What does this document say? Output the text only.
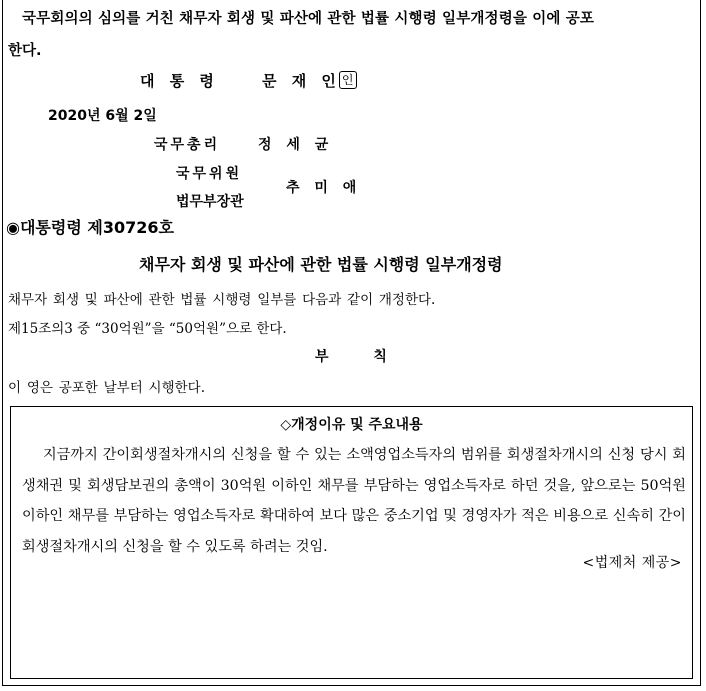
국무회의의 심의를 거친 채무자 회생 및 파산에 관한 법률 시행령 일부개정령을 이에 공포
한다.
대 통 령	문 재 인 인
2020년 6월 2일
국무총리	정 세 균
국무위원
법무부장관
추 미 애
◉대통령령 제30726호
채무자 회생 및 파산에 관한 법률 시행령 일부개정령
채무자 회생 및 파산에 관한 법률 시행령 일부를 다음과 같이 개정한다.
제15조의3 중 “30억원”을 “50억원”으로 한다.
부 칙
이 영은 공포한 날부터 시행한다.
◇개정이유 및 주요내용
지금까지 간이회생절차개시의 신청을 할 수 있는 소액영업소득자의 범위를 회생절차개시의 신청 당시 회생채권 및 회생담보권의 총액이 30억원 이하인 채무를 부담하는 영업소득자로 하던 것을, 앞으로는 50억원 이하인 채무를 부담하는 영업소득자로 확대하여 보다 많은 중소기업 및 경영자가 적은 비용으로 신속히 간이회생절차개시의 신청을 할 수 있도록 하려는 것임.
<법제처 제공>
